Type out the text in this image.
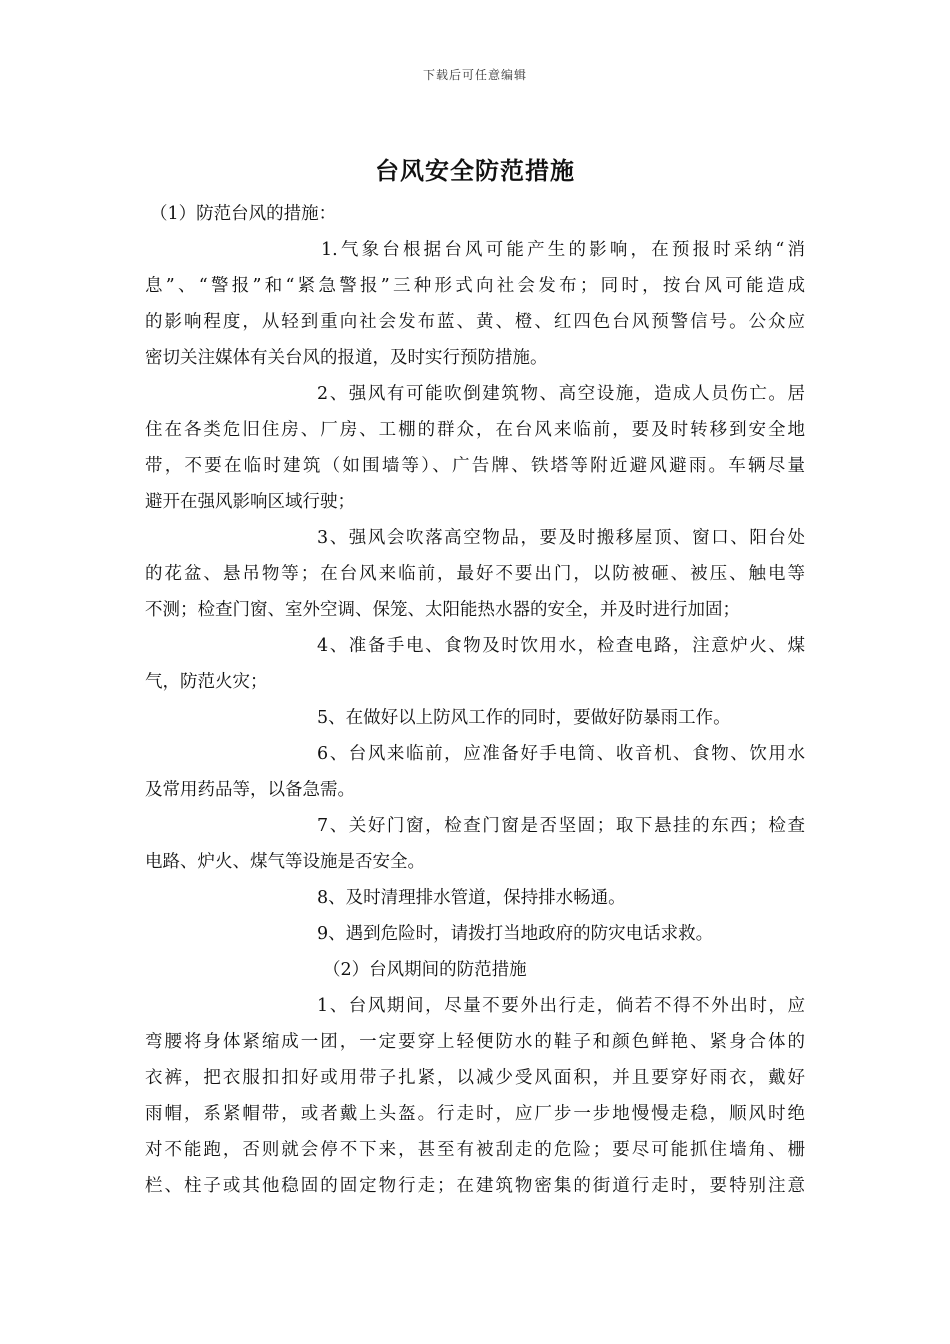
下载后可任意编辑
台风安全防范措施

（1）防范台风的措施：

1.气象台根据台风可能产生的影响，在预报时采纳“消

息”、“警报”和“紧急警报”三种形式向社会发布；同时，按台风可能造成

的影响程度，从轻到重向社会发布蓝、黄、橙、红四色台风预警信号。公众应

密切关注媒体有关台风的报道，及时实行预防措施。

2、强风有可能吹倒建筑物、高空设施，造成人员伤亡。居

住在各类危旧住房、厂房、工棚的群众，在台风来临前，要及时转移到安全地

带，不要在临时建筑（如围墙等）、广告牌、铁塔等附近避风避雨。车辆尽量

避开在强风影响区域行驶；

3、强风会吹落高空物品，要及时搬移屋顶、窗口、阳台处

的花盆、悬吊物等；在台风来临前，最好不要出门，以防被砸、被压、触电等

不测；检查门窗、室外空调、保笼、太阳能热水器的安全，并及时进行加固；

4、准备手电、食物及时饮用水，检查电路，注意炉火、煤

气，防范火灾；

5、在做好以上防风工作的同时，要做好防暴雨工作。

6、台风来临前，应准备好手电筒、收音机、食物、饮用水

及常用药品等，以备急需。

7、关好门窗，检查门窗是否坚固；取下悬挂的东西；检查

电路、炉火、煤气等设施是否安全。

8、及时清理排水管道，保持排水畅通。

9、遇到危险时，请拨打当地政府的防灾电话求救。

（2）台风期间的防范措施

1、台风期间，尽量不要外出行走，倘若不得不外出时，应

弯腰将身体紧缩成一团，一定要穿上轻便防水的鞋子和颜色鲜艳、紧身合体的

衣裤，把衣服扣扣好或用带子扎紧，以减少受风面积，并且要穿好雨衣，戴好

雨帽，系紧帽带，或者戴上头盔。行走时，应厂步一步地慢慢走稳，顺风时绝

对不能跑，否则就会停不下来，甚至有被刮走的危险；要尽可能抓住墙角、栅

栏、柱子或其他稳固的固定物行走；在建筑物密集的街道行走时，要特别注意
